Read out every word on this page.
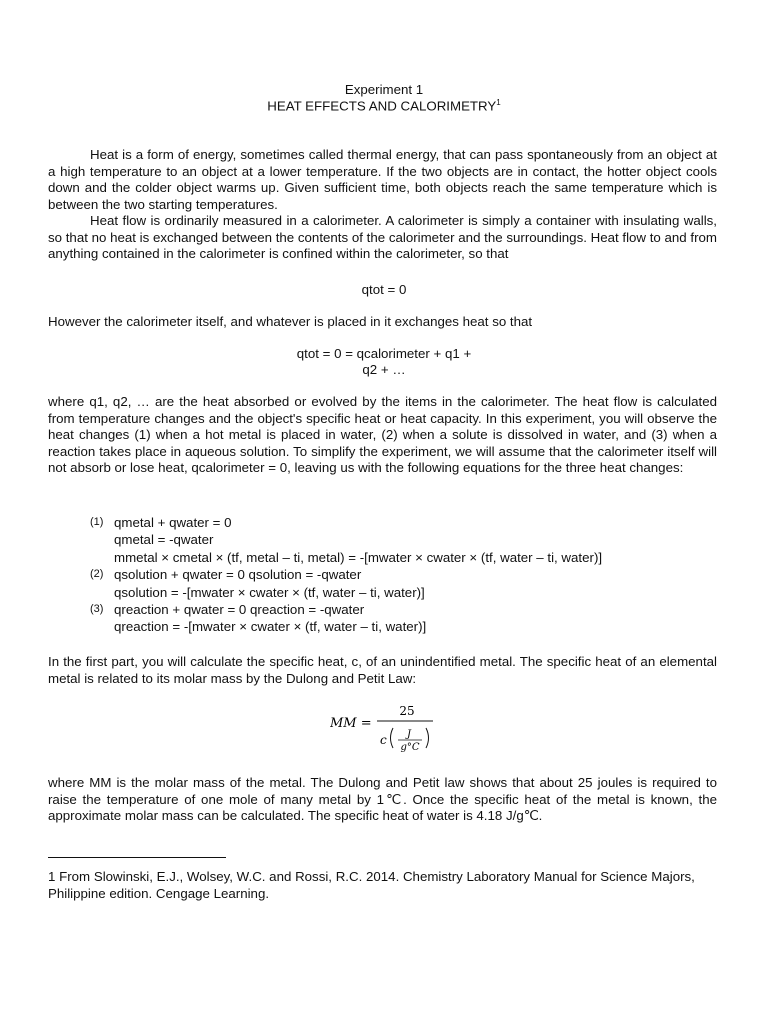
Experiment 1
HEAT EFFECTS AND CALORIMETRY$^1$

Heat is a form of energy, sometimes called thermal energy, that can pass spontaneously from an object at a high temperature to an object at a lower temperature. If the two objects are in contact, the hotter object cools down and the colder object warms up. Given sufficient time, both objects reach the same temperature which is between the two starting temperatures.

Heat flow is ordinarily measured in a calorimeter. A calorimeter is simply a container with insulating walls, so that no heat is exchanged between the contents of the calorimeter and the surroundings. Heat flow to and from anything contained in the calorimeter is confined within the calorimeter, so that

qtot = 0
However the calorimeter itself, and whatever is placed in it exchanges heat so that
qtot = 0 = qcalorimeter + q1 +
q2 + …
where q1, q2, … are the heat absorbed or evolved by the items in the calorimeter. The heat flow is calculated from temperature changes and the object's specific heat or heat capacity. In this experiment, you will observe the heat changes (1) when a hot metal is placed in water, (2) when a solute is dissolved in water, and (3) when a reaction takes place in aqueous solution. To simplify the experiment, we will assume that the calorimeter itself will not absorb or lose heat, qcalorimeter = 0, leaving us with the following equations for the three heat changes:
(1) qmetal + qwater = 0
qmetal = -qwater
mmetal × cmetal × (tf, metal – ti, metal) = -[mwater × cwater × (tf, water – ti, water)]
(2) qsolution + qwater = 0 qsolution = -qwater
qsolution = -[mwater × cwater × (tf, water – ti, water)]
(3) qreaction + qwater = 0 qreaction = -qwater
qreaction = -[mwater × cwater × (tf, water – ti, water)]
In the first part, you will calculate the specific heat, c, of an unindentified metal. The specific heat of an elemental metal is related to its molar mass by the Dulong and Petit Law:
MM =
25
c J
g°C
where MM is the molar mass of the metal. The Dulong and Petit law shows that about 25 joules is required to raise the temperature of one mole of many metal by 1℃. Once the specific heat of the metal is known, the approximate molar mass can be calculated. The specific heat of water is 4.18 J/g℃.
1 From Slowinski, E.J., Wolsey, W.C. and Rossi, R.C. 2014. Chemistry Laboratory Manual for Science Majors, Philippine edition. Cengage Learning.
